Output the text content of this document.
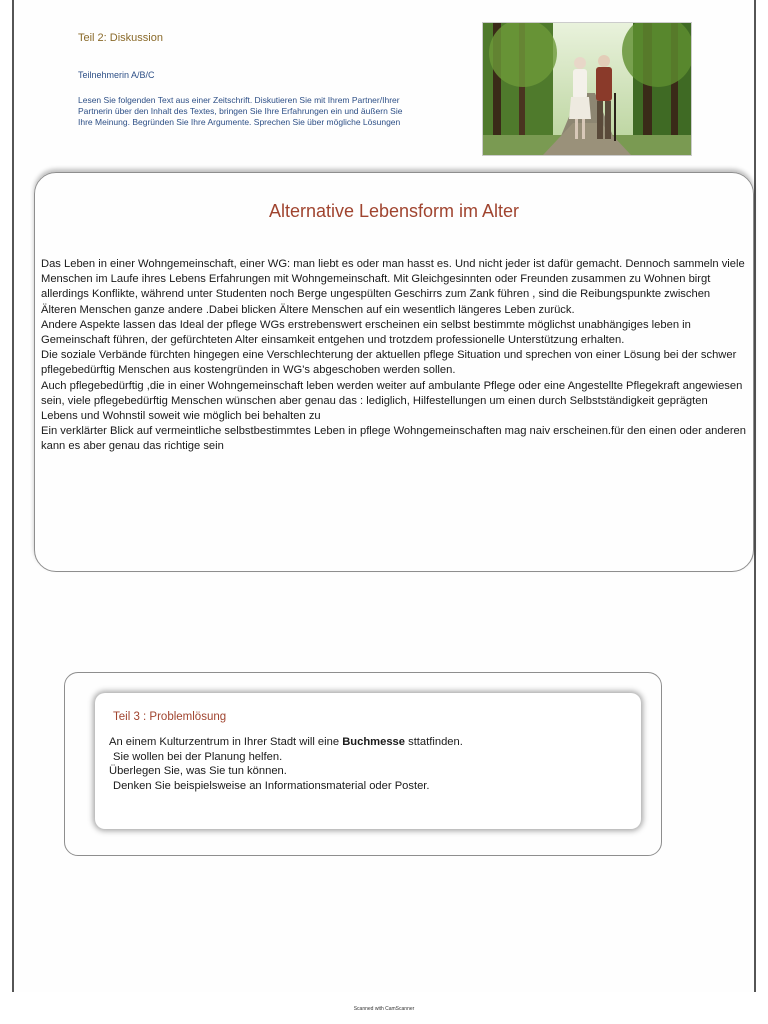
Teil 2: Diskussion
Teilnehmerin A/B/C
Lesen Sie folgenden Text aus einer Zeitschrift. Diskutieren Sie mit Ihrem Partner/Ihrer Partnerin über den Inhalt des Textes, bringen Sie Ihre Erfahrungen ein und äußern Sie Ihre Meinung. Begründen Sie Ihre Argumente. Sprechen Sie über mögliche Lösungen
Alternative Lebensform im Alter

Das Leben in einer Wohngemeinschaft, einer WG: man liebt es oder man hasst es. Und nicht jeder ist dafür gemacht. Dennoch sammeln viele Menschen im Laufe ihres Lebens Erfahrungen mit Wohngemeinschaft. Mit Gleichgesinnten oder Freunden zusammen zu Wohnen birgt allerdings Konflikte, während unter Studenten noch Berge ungespülten Geschirrs zum Zank führen , sind die Reibungspunkte zwischen Älteren Menschen ganze andere .Dabei blicken Ältere Menschen auf ein wesentlich längeres Leben zurück.

Andere Aspekte lassen das Ideal der pflege WGs erstrebenswert erscheinen ein selbst bestimmte möglichst unabhängiges leben in Gemeinschaft führen, der gefürchteten Alter einsamkeit entgehen und trotzdem professionelle Unterstützung erhalten.

Die soziale Verbände fürchten hingegen eine Verschlechterung der aktuellen pflege Situation und sprechen von einer Lösung bei der schwer pflegebedürftig Menschen aus kostengründen in WG's abgeschoben werden sollen.

Auch pflegebedürftig ,die in einer Wohngemeinschaft leben werden weiter auf ambulante Pflege oder eine Angestellte Pflegekraft angewiesen sein, viele pflegebedürftig Menschen wünschen aber genau das : lediglich, Hilfestellungen um einen durch Selbstständigkeit geprägten Lebens und Wohnstil soweit wie möglich bei behalten zu

Ein verklärter Blick auf vermeintliche selbstbestimmtes Leben in pflege Wohngemeinschaften mag naiv erscheinen.für den einen oder anderen kann es aber genau das richtige sein

Teil 3 : Problemlösung

An einem Kulturzentrum in Ihrer Stadt will eine Buchmesse sttatfinden.

Sie wollen bei der Planung helfen.

Überlegen Sie, was Sie tun können.

Denken Sie beispielsweise an Informationsmaterial oder Poster.

Scanned with CamScanner
